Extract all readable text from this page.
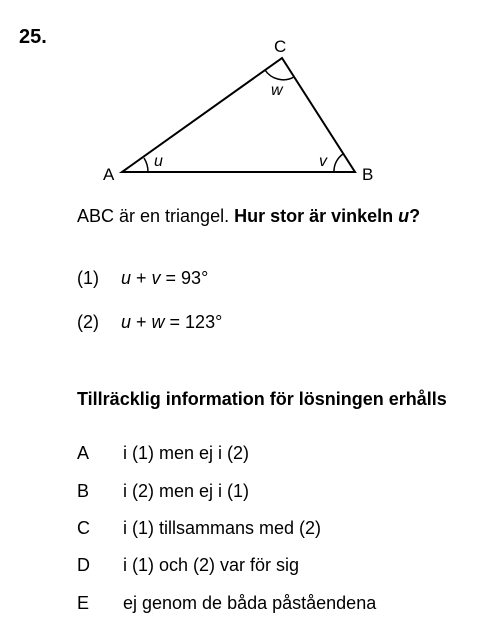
25.
A	B
C
u	v
w
ABC är en triangel. Hur stor är vinkeln u?
(1) u + v = 93°
(2) u + w = 123°
Tillräcklig information för lösningen erhålls
A i (1) men ej i (2)
B i (2) men ej i (1)
C i (1) tillsammans med (2)
D i (1) och (2) var för sig
E ej genom de båda påståendena
